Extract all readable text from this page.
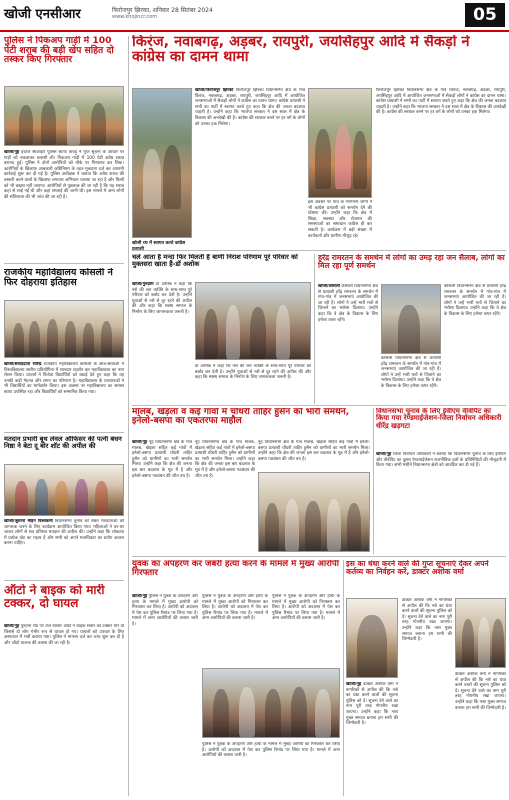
खोजी एनसीआर	फिरोजपुर झिरका, शनिवार 28 सितंबर 2024
www.khojincr.com	05
पुलिस ने पिकअप गाड़ी में 100 पेटी शराब की बड़ी खेप सहित दो तस्कर किए गिरफ्तार
खोजी/नूंह इंचार्ज सीआईए पुलिस स्टाफ तावड़ू ने गुप्त सूचना के आधार पर गाड़ी को रुकवाकर तलाशी ली। पिकअप गाड़ी में 100 पेटी अवैध शराब बरामद हुई। पुलिस ने दोनों आरोपियों को मौके पर गिरफ्तार कर लिया। आरोपियों के खिलाफ आबकारी अधिनियम के तहत मुकदमा दर्ज कर आगामी कार्रवाई शुरू कर दी गई है। पुलिस अधीक्षक ने बताया कि अवैध शराब की तस्करी करने वालों के खिलाफ लगातार अभियान चलाया जा रहा है और किसी को भी बख्शा नहीं जाएगा। आरोपियों से पूछताछ की जा रही है कि यह शराब कहां से लाई गई थी और कहां सप्लाई की जानी थी। इस मामले में अन्य लोगों की संलिप्तता की भी जांच की जा रही है।
राजकीय महाविद्यालय कोसली ने फिर दोहराया इतिहास
खोजी/संवाददाता रवीन्द्र राजकीय महाविद्यालय कोसली के छात्र-छात्राओं ने विश्वविद्यालय स्तरीय प्रतियोगिता में शानदार प्रदर्शन कर महाविद्यालय का नाम रोशन किया। प्राचार्य ने विजेता विद्यार्थियों को बधाई देते हुए कहा कि यह उनकी कड़ी मेहनत और लगन का परिणाम है। महाविद्यालय के प्राध्यापकों ने भी विद्यार्थियों का मार्गदर्शन किया। इस अवसर पर महाविद्यालय का समस्त स्टाफ उपस्थित रहा और विद्यार्थियों को सम्मानित किया गया।
मतदान प्रभारी बूथ लेवल ऑफिसर की पत्नी बंधन निष्ठा ने बेटा दू बोर शॉट की अपील की
खोजी/जुलाना मोहन विश्वकर्मा विधानसभा चुनाव को लेकर मतदाताओं को जागरूक करने के लिए कार्यक्रम आयोजित किया गया। महिलाओं ने घर-घर जाकर लोगों से शत प्रतिशत मतदान की अपील की। उन्होंने कहा कि लोकतंत्र में प्रत्येक वोट का महत्व है और सभी को अपने मताधिकार का प्रयोग अवश्य करना चाहिए।
ऑटो ने बाइक को मारी टक्कर, दो घायल
खोजी/नूंह पुन्हाना रोड पर तेज रफ्तार ऑटो ने बाइक सवार को टक्कर मार दी जिससे दो लोग गंभीर रूप से घायल हो गए। घायलों को उपचार के लिए अस्पताल में भर्ती कराया गया। पुलिस ने मामला दर्ज कर जांच शुरू कर दी है और ऑटो चालक की तलाश की जा रही है।
किरंज, नवाबगढ़, अड़बर, रायपुरी, जयसिंहपुर आदि में सैंकड़ों ने कांग्रेस का दामन थामा
खोजी रथ में स्वागत करते कांग्रेस
खोजी/फिरोजपुर झिरका फिरोजपुर झिरका विधानसभा क्षेत्र के गांव किरंज, नवाबगढ़, अड़बर, रायपुरी, जयसिंहपुर आदि में आयोजित जनसभाओं में सैकड़ों लोगों ने कांग्रेस का दामन थामा। कांग्रेस प्रत्याशी ने सभी का पार्टी में स्वागत करते हुए कहा कि क्षेत्र की जनता बदलाव चाहती है। उन्होंने कहा कि भाजपा सरकार ने दस साल में क्षेत्र के विकास की अनदेखी की है। कांग्रेस की सरकार बनने पर हर वर्ग के लोगों को उनका हक मिलेगा।
इस अवसर पर गांव के गणमान्य लोगों ने भी कांग्रेस प्रत्याशी को समर्थन देने की घोषणा की। उन्होंने कहा कि क्षेत्र में शिक्षा, स्वास्थ्य और रोजगार की समस्याओं का समाधान कांग्रेस ही कर सकती है। कार्यक्रम में बड़ी संख्या में कार्यकर्ता और ग्रामीण मौजूद रहे।
फिरोजपुर झिरका विधानसभा क्षेत्र के गांव किरंज, नवाबगढ़, अड़बर, रायपुरी, जयसिंहपुर आदि में आयोजित जनसभाओं में सैकड़ों लोगों ने कांग्रेस का दामन थामा। कांग्रेस प्रत्याशी ने सभी का पार्टी में स्वागत करते हुए कहा कि क्षेत्र की जनता बदलाव चाहती है। उन्होंने कहा कि भाजपा सरकार ने दस साल में क्षेत्र के विकास की अनदेखी की है। कांग्रेस की सरकार बनने पर हर वर्ग के लोगों को उनका हक मिलेगा।
चले आता है मन्दा फिर मिलती है बाणी निराश परिणाम पूरे परिवार को मुक्तसरा खाता है-डॉ अशोक
खोजी/गुरुग्राम डॉ अशोक ने कहा कि नशे की लत व्यक्ति के साथ-साथ पूरे परिवार को बर्बाद कर देती है। उन्होंने युवाओं से नशे से दूर रहने की अपील की और कहा कि स्वस्थ समाज के निर्माण के लिए जागरूकता जरूरी है।
डॉ अशोक ने कहा कि नशे की लत व्यक्ति के साथ-साथ पूरे परिवार को बर्बाद कर देती है। उन्होंने युवाओं से नशे से दूर रहने की अपील की और कहा कि स्वस्थ समाज के निर्माण के लिए जागरूकता जरूरी है।
हरेंद्र रामरतन के समर्थन में लोगों का उमड़ रहा जन सैलाब, लोगों का मिल रहा पूर्ण समर्थन
खोजी/कोसली कोसली विधानसभा क्षेत्र से प्रत्याशी हरेंद्र रामरतन के समर्थन में गांव-गांव में जनसभाएं आयोजित की जा रही हैं। लोगों ने उन्हें भारी मतों से जिताने का भरोसा दिलाया। उन्होंने कहा कि वे क्षेत्र के विकास के लिए हमेशा तत्पर रहेंगे।
कोसली विधानसभा क्षेत्र से प्रत्याशी हरेंद्र रामरतन के समर्थन में गांव-गांव में जनसभाएं आयोजित की जा रही हैं। लोगों ने उन्हें भारी मतों से जिताने का भरोसा दिलाया। उन्होंने कहा कि वे क्षेत्र के विकास के लिए हमेशा तत्पर रहेंगे।
कोसली विधानसभा क्षेत्र से प्रत्याशी हरेंद्र रामरतन के समर्थन में गांव-गांव में जनसभाएं आयोजित की जा रही हैं। लोगों ने उन्हें भारी मतों से जिताने का भरोसा दिलाया। उन्होंने कहा कि वे क्षेत्र के विकास के लिए हमेशा तत्पर रहेंगे।
मालब, खेड़ला व कई गांवों में चौधरी ताहिर हुसैन को भारी समर्थन, इनेलो-बसपा का एकतरफा माहौल
खोजी/नूंह नूंह विधानसभा क्षेत्र के गांव मालब, खेड़ला सहित कई गांवों में इनेलो-बसपा प्रत्याशी चौधरी ताहिर हुसैन को ग्रामीणों का भारी समर्थन मिला। उन्होंने कहा कि क्षेत्र की जनता इस बार बदलाव के मूड में है और इनेलो-बसपा गठबंधन की जीत तय है।
नूंह विधानसभा क्षेत्र के गांव मालब, खेड़ला सहित कई गांवों में इनेलो-बसपा प्रत्याशी चौधरी ताहिर हुसैन को ग्रामीणों का भारी समर्थन मिला। उन्होंने कहा कि क्षेत्र की जनता इस बार बदलाव के मूड में है और इनेलो-बसपा गठबंधन की जीत तय है।
नूंह विधानसभा क्षेत्र के गांव मालब, खेड़ला सहित कई गांवों में इनेलो-बसपा प्रत्याशी चौधरी ताहिर हुसैन को ग्रामीणों का भारी समर्थन मिला। उन्होंने कहा कि क्षेत्र की जनता इस बार बदलाव के मूड में है और इनेलो-बसपा गठबंधन की जीत तय है।
विधानसभा चुनाव के लिए ईवीएम वीवीपैट का किया गया रेण्डमाईजेशन-जिला निर्वाचन अधिकारी धीरेंद्र खड़गटा
खोजी/नूंह जिला निर्वाचन अधिकारी ने बताया कि विधानसभा चुनाव के लिए ईवीएम और वीवीपैट का दूसरा रेण्डमाईजेशन राजनीतिक दलों के प्रतिनिधियों की मौजूदगी में किया गया। सभी मशीनें विधानसभा क्षेत्रों को आवंटित कर दी गई हैं।
युवक का अपहरण कर जबरी हत्या करने के मामले में मुख्य आरोपी गिरफ्तार
खोजी/नूंह पुलिस ने युवक के अपहरण और हत्या के मामले में मुख्य आरोपी को गिरफ्तार कर लिया है। आरोपी को अदालत में पेश कर पुलिस रिमांड पर लिया गया है। मामले में अन्य आरोपियों की तलाश जारी है।
पुलिस ने युवक के अपहरण और हत्या के मामले में मुख्य आरोपी को गिरफ्तार कर लिया है। आरोपी को अदालत में पेश कर पुलिस रिमांड पर लिया गया है। मामले में अन्य आरोपियों की तलाश जारी है।
पुलिस ने युवक के अपहरण और हत्या के मामले में मुख्य आरोपी को गिरफ्तार कर लिया है। आरोपी को अदालत में पेश कर पुलिस रिमांड पर लिया गया है। मामले में अन्य आरोपियों की तलाश जारी है।
पुलिस ने युवक के अपहरण और हत्या के मामले में मुख्य आरोपी को गिरफ्तार कर लिया है। आरोपी को अदालत में पेश कर पुलिस रिमांड पर लिया गया है। मामले में अन्य आरोपियों की तलाश जारी है।
इस का धंधा करने वाले की गुप्त सूचनाएं देकर अपने कर्तव्य का निर्वहन करें, डाक्टर अशोक वर्मा
खोजी/नूंह डाक्टर अशोक वर्मा ने नागरिकों से अपील की कि नशे का धंधा करने वालों की सूचना पुलिस को दें। सूचना देने वाले का नाम पूरी तरह गोपनीय रखा जाएगा। उन्होंने कहा कि नशा मुक्त समाज बनाना हम सभी की जिम्मेदारी है।
डाक्टर अशोक वर्मा ने नागरिकों से अपील की कि नशे का धंधा करने वालों की सूचना पुलिस को दें। सूचना देने वाले का नाम पूरी तरह गोपनीय रखा जाएगा। उन्होंने कहा कि नशा मुक्त समाज बनाना हम सभी की जिम्मेदारी है।
डाक्टर अशोक वर्मा ने नागरिकों से अपील की कि नशे का धंधा करने वालों की सूचना पुलिस को दें। सूचना देने वाले का नाम पूरी तरह गोपनीय रखा जाएगा। उन्होंने कहा कि नशा मुक्त समाज बनाना हम सभी की जिम्मेदारी है।
